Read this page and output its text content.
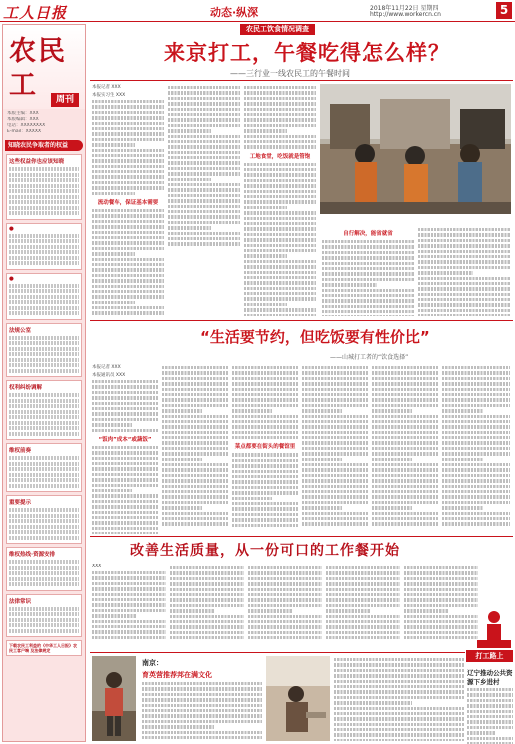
工人日报	动态·纵深	2018年11月22日 星期四
http://www.workercn.cn	5
农民
工	周刊
本版主编：XXX
本版编辑：XXX
电话：XXXXXXXX
E-mail：XXXXX
知晓农民争取者的权益
这些权益你也应该知晓
●
●
法规公室
权利纠纷调解
维权前奏
重要提示
维权热线·资源安排
法律常识
下载农民工利益的《中华工人日报》农民工客户端 及法律规定
农民工饮食情况调查
来京打工，午餐吃得怎么样？
——三行业一线农民工的午餐时间
本报记者 XXX
本报实习生 XXX
流动餐车，保证基本需要
工地食堂，吃饭就是管饱
自行解决，能省就省
“生活要节约，但吃饭要有性价比”
——山城打工者的“饮食选择”
本报记者 XXX
本报通讯员 XXX
“饭肉”成本“或蔬饭”
菜点都要在街头的餐馆里
改善生活质量，从一份可口的工作餐开始
XXX
打工路上
南京：
育英营推荐邦在满文化	辽宁推动公共资源下乡进村
